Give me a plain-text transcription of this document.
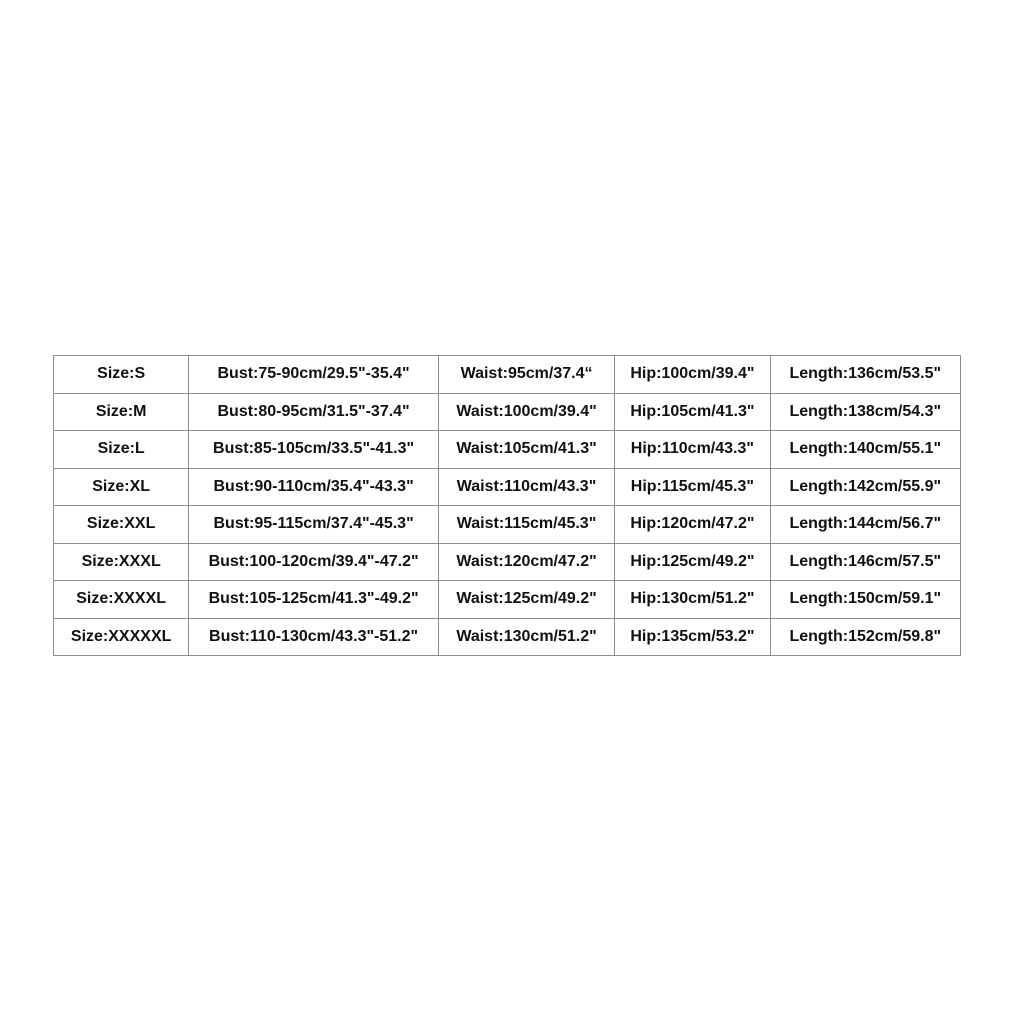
Size:S	Bust:75-90cm/29.5"-35.4"	Waist:95cm/37.4“	Hip:100cm/39.4"	Length:136cm/53.5"
Size:M	Bust:80-95cm/31.5"-37.4"	Waist:100cm/39.4"	Hip:105cm/41.3"	Length:138cm/54.3"
Size:L	Bust:85-105cm/33.5"-41.3"	Waist:105cm/41.3"	Hip:110cm/43.3"	Length:140cm/55.1"
Size:XL	Bust:90-110cm/35.4"-43.3"	Waist:110cm/43.3"	Hip:115cm/45.3"	Length:142cm/55.9"
Size:XXL	Bust:95-115cm/37.4"-45.3"	Waist:115cm/45.3"	Hip:120cm/47.2"	Length:144cm/56.7"
Size:XXXL	Bust:100-120cm/39.4"-47.2"	Waist:120cm/47.2"	Hip:125cm/49.2"	Length:146cm/57.5"
Size:XXXXL	Bust:105-125cm/41.3"-49.2"	Waist:125cm/49.2"	Hip:130cm/51.2"	Length:150cm/59.1"
Size:XXXXXL	Bust:110-130cm/43.3"-51.2"	Waist:130cm/51.2"	Hip:135cm/53.2"	Length:152cm/59.8"
